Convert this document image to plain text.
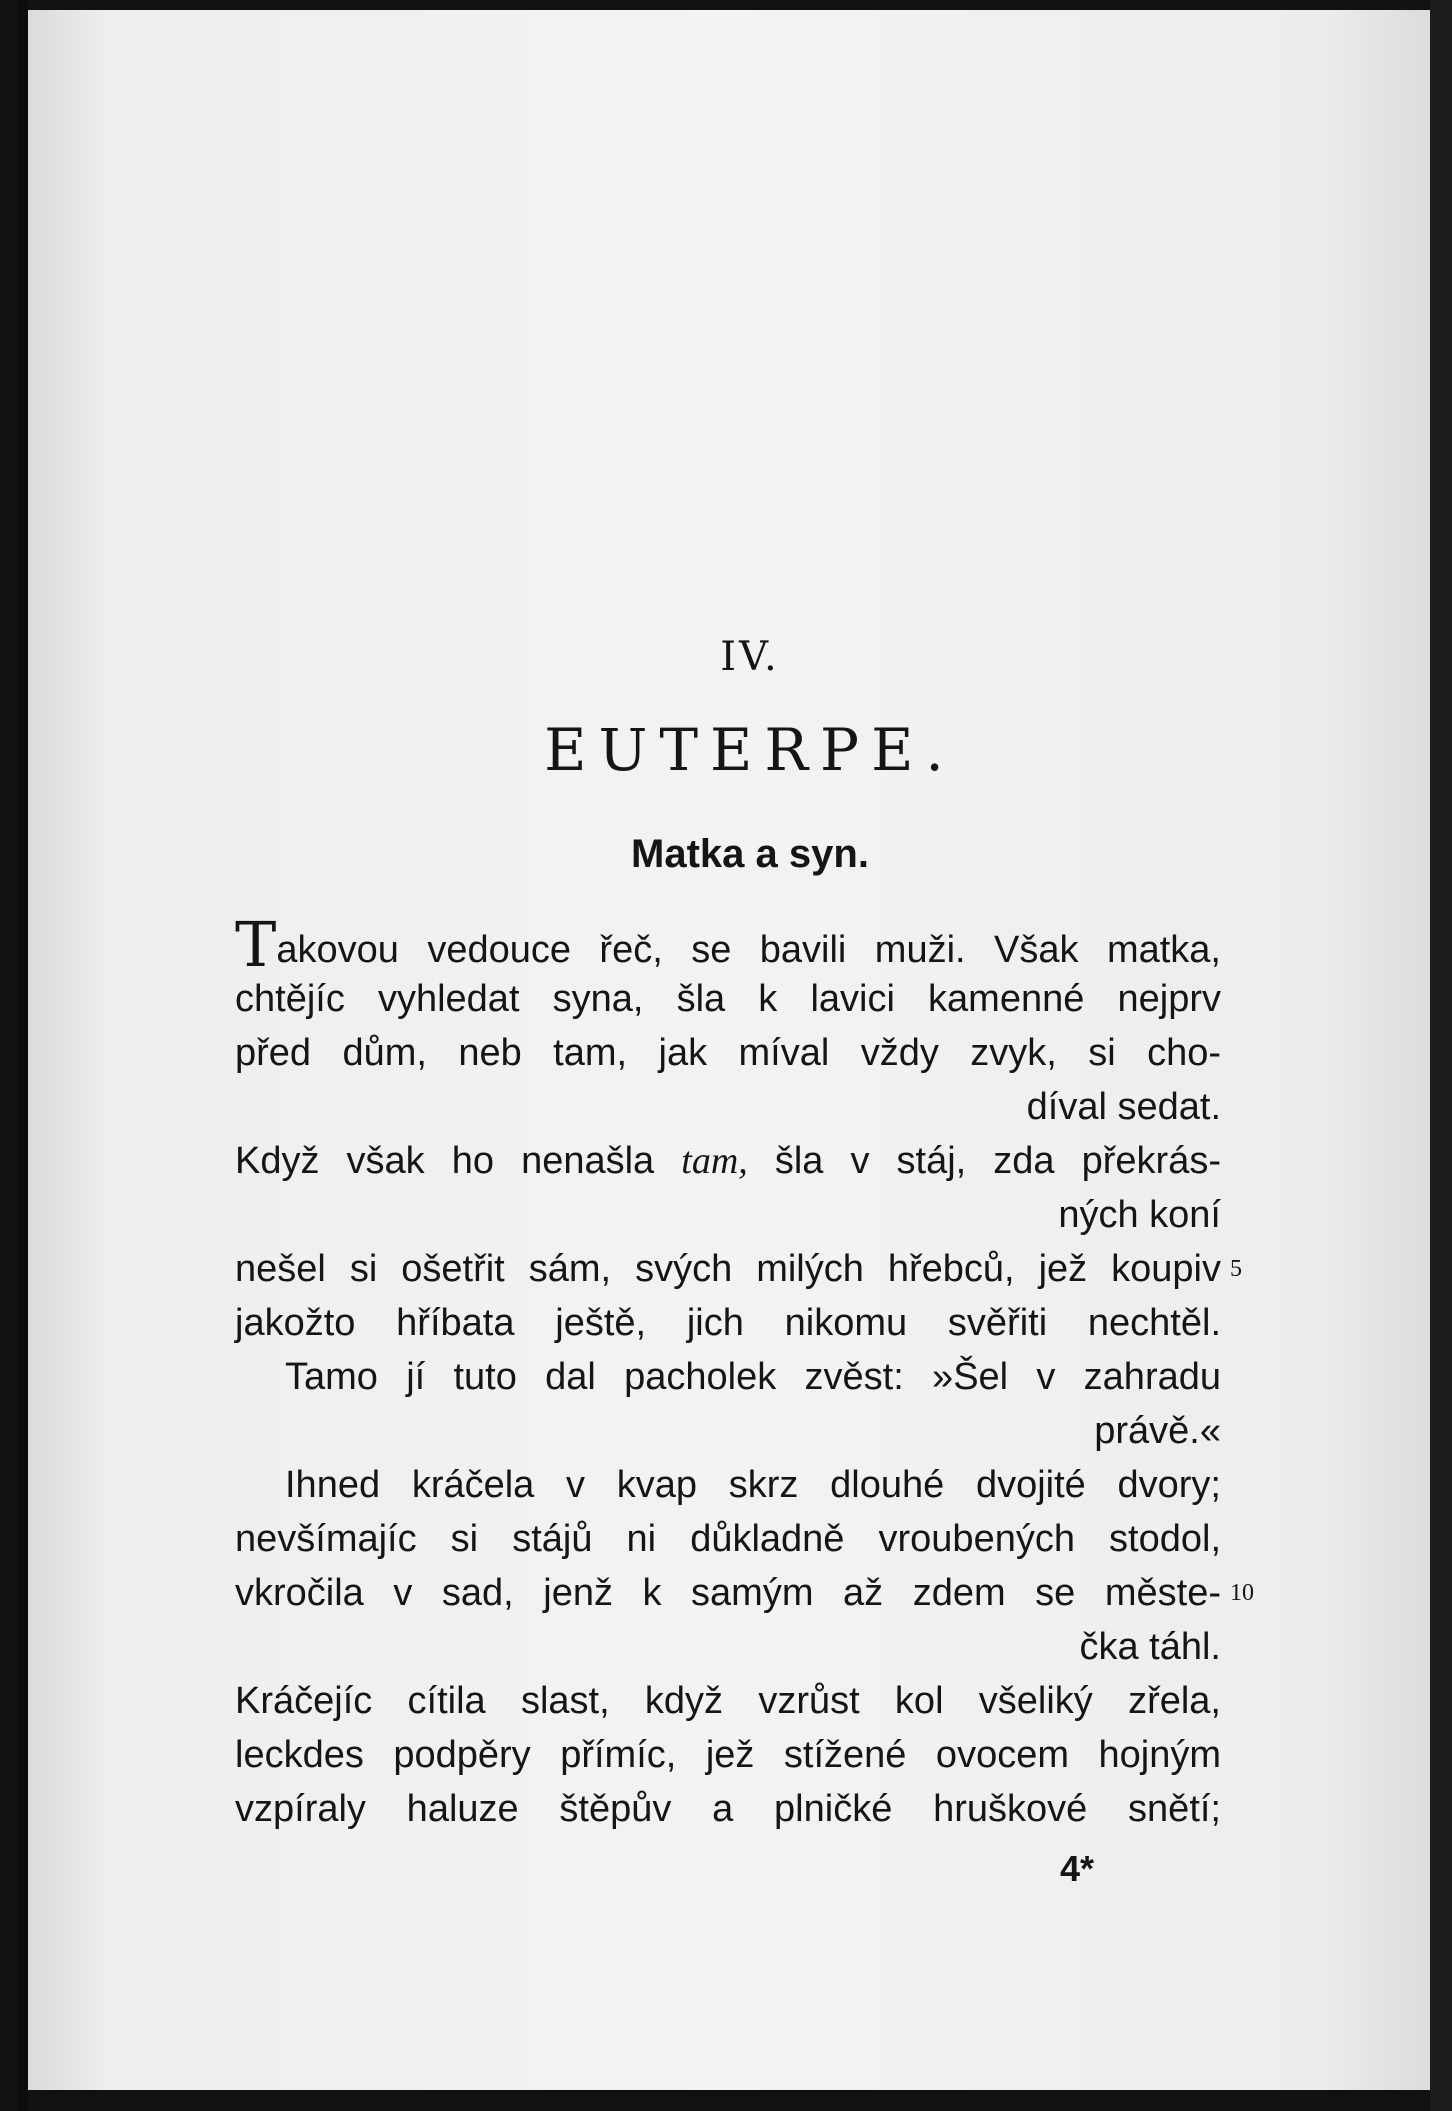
IV.
EUTERPE.
Matka a syn.
Takovou vedouce řeč, se bavili muži. Však matka,
chtějíc vyhledat syna, šla k lavici kamenné nejprv
před dům, neb tam, jak míval vždy zvyk, si cho-
díval sedat.
Když však ho nenašla tam, šla v stáj, zda překrás-
ných koní
nešel si ošetřit sám, svých milých hřebců, jež koupiv
jakožto hříbata ještě, jich nikomu svěřiti nechtěl.
Tamo jí tuto dal pacholek zvěst: »Šel v zahradu
právě.«
Ihned kráčela v kvap skrz dlouhé dvojité dvory;
nevšímajíc si stájů ni důkladně vroubených stodol,
vkročila v sad, jenž k samým až zdem se měste-
čka táhl.
Kráčejíc cítila slast, když vzrůst kol všeliký zřela,
leckdes podpěry přímíc, jež stížené ovocem hojným
vzpíraly haluze štěpův a plničké hruškové snětí;
5
10
4*
